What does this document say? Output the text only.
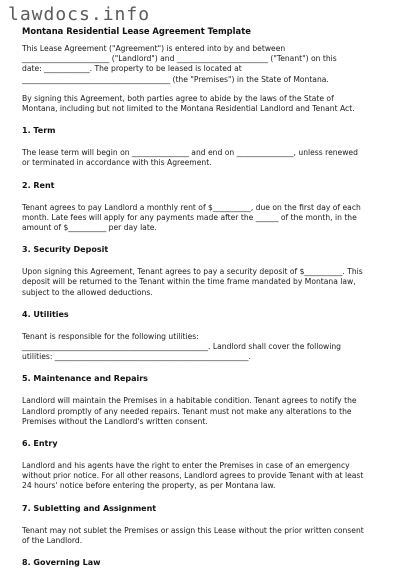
lawdocs.info
Montana Residential Lease Agreement Template
This Lease Agreement ("Agreement") is entered into by and between
_______________________ ("Landlord") and ________________________ ("Tenant") on this
date: ____________. The property to be leased is located at
_______________________________________ (the "Premises") in the State of Montana.
By signing this Agreement, both parties agree to abide by the laws of the State of
Montana, including but not limited to the Montana Residential Landlord and Tenant Act.
1. Term
The lease term will begin on _______________ and end on _______________, unless renewed
or terminated in accordance with this Agreement.
2. Rent
Tenant agrees to pay Landlord a monthly rent of $__________, due on the first day of each
month. Late fees will apply for any payments made after the ______ of the month, in the
amount of $__________ per day late.
3. Security Deposit
Upon signing this Agreement, Tenant agrees to pay a security deposit of $__________. This
deposit will be returned to the Tenant within the time frame mandated by Montana law,
subject to the allowed deductions.
4. Utilities
Tenant is responsible for the following utilities:
_________________________________________________. Landlord shall cover the following
utilities: ___________________________________________________.
5. Maintenance and Repairs
Landlord will maintain the Premises in a habitable condition. Tenant agrees to notify the
Landlord promptly of any needed repairs. Tenant must not make any alterations to the
Premises without the Landlord's written consent.
6. Entry
Landlord and his agents have the right to enter the Premises in case of an emergency
without prior notice. For all other reasons, Landlord agrees to provide Tenant with at least
24 hours' notice before entering the property, as per Montana law.
7. Subletting and Assignment
Tenant may not sublet the Premises or assign this Lease without the prior written consent
of the Landlord.
8. Governing Law
